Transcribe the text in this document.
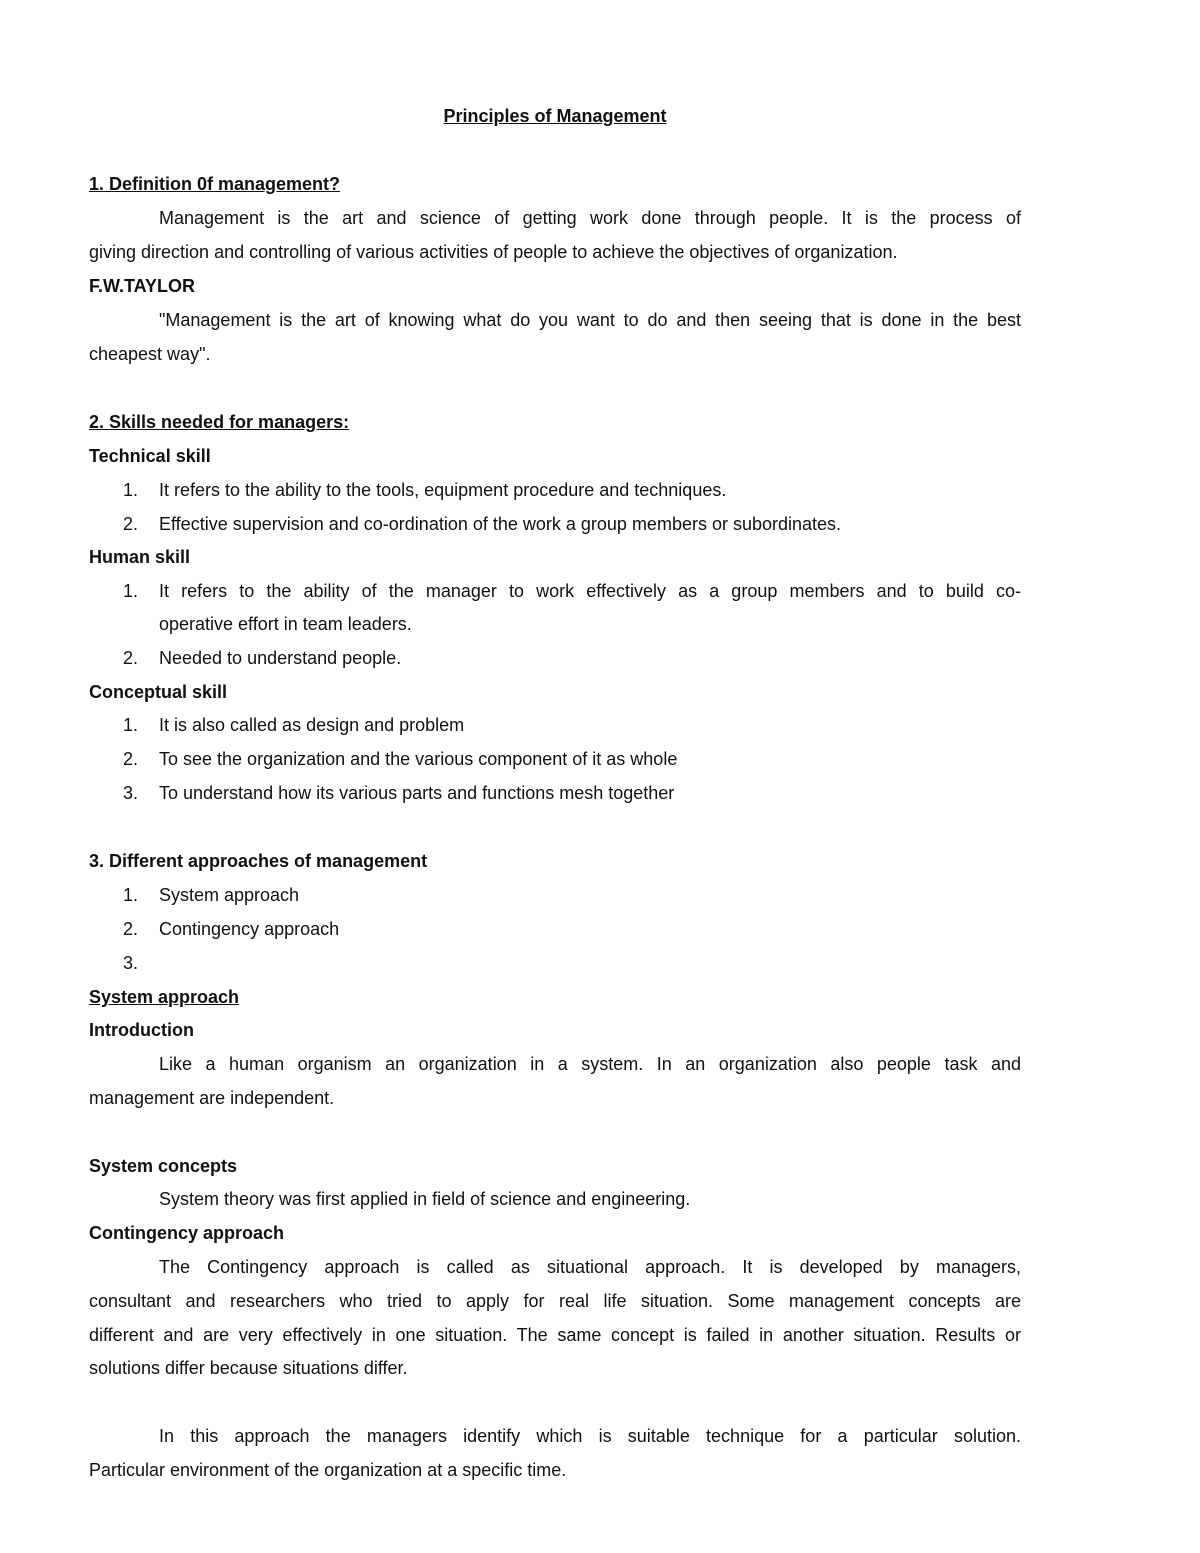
Principles of Management
1. Definition 0f management?
Management is the art and science of getting work done through people. It is the process of
giving direction and controlling of various activities of people to achieve the objectives of organization.
F.W.TAYLOR
"Management is the art of knowing what do you want to do and then seeing that is done in the best
cheapest way".
2. Skills needed for managers:
Technical skill
1.	It refers to the ability to the tools, equipment procedure and techniques.
2.	Effective supervision and co-ordination of the work a group members or subordinates.
Human skill
1.	It refers to the ability of the manager to work effectively as a group members and to build co-
operative effort in team leaders.
2.	Needed to understand people.
Conceptual skill
1.	It is also called as design and problem
2.	To see the organization and the various component of it as whole
3.	To understand how its various parts and functions mesh together
3. Different approaches of management
1.	System approach
2.	Contingency approach
3.
System approach
Introduction
Like a human organism an organization in a system. In an organization also people task and
management are independent.
System concepts
System theory was first applied in field of science and engineering.
Contingency approach
The Contingency approach is called as situational approach. It is developed by managers,
consultant and researchers who tried to apply for real life situation. Some management concepts are
different and are very effectively in one situation. The same concept is failed in another situation. Results or
solutions differ because situations differ.
In this approach the managers identify which is suitable technique for a particular solution.
Particular environment of the organization at a specific time.
